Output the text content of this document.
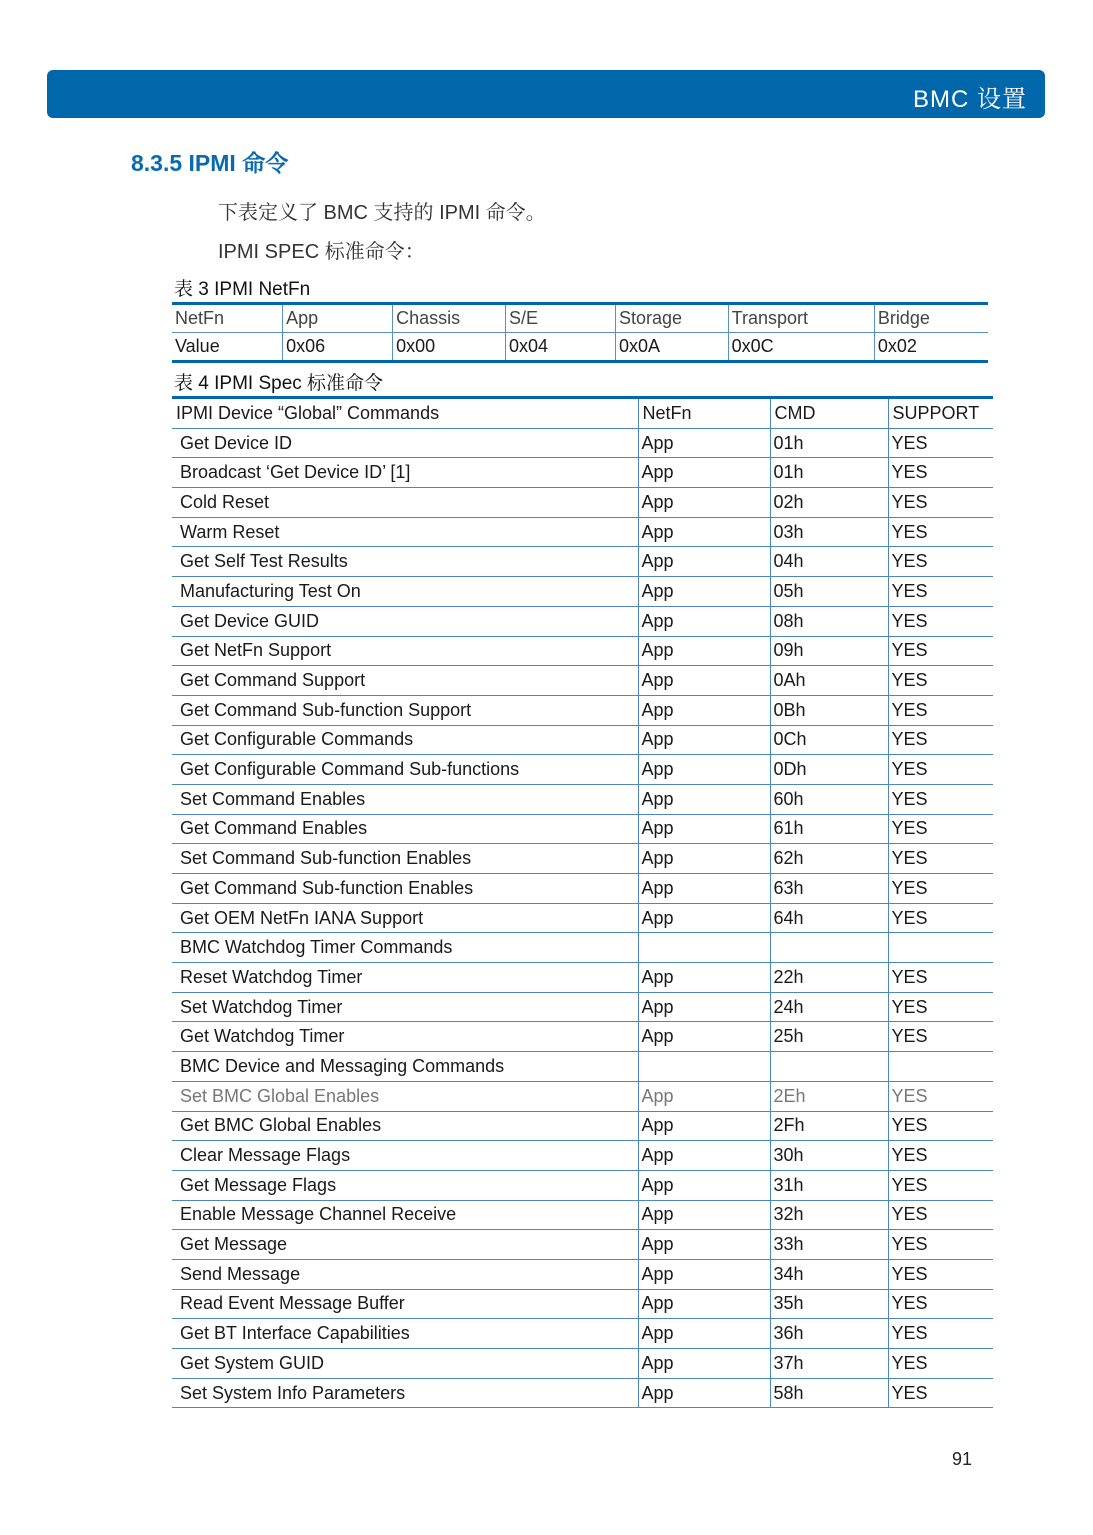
BMC 设置
8.3.5 IPMI 命令
下表定义了 BMC 支持的 IPMI 命令。
IPMI SPEC 标准命令：
表 3 IPMI NetFn
NetFn	App	Chassis	S/E	Storage	Transport	Bridge
Value	0x06	0x00	0x04	0x0A	0x0C	0x02
表 4 IPMI Spec 标准命令
IPMI Device “Global” Commands	NetFn	CMD	SUPPORT
Get Device ID	App	01h	YES
Broadcast ‘Get Device ID’ [1]	App	01h	YES
Cold Reset	App	02h	YES
Warm Reset	App	03h	YES
Get Self Test Results	App	04h	YES
Manufacturing Test On	App	05h	YES
Get Device GUID	App	08h	YES
Get NetFn Support	App	09h	YES
Get Command Support	App	0Ah	YES
Get Command Sub-function Support	App	0Bh	YES
Get Configurable Commands	App	0Ch	YES
Get Configurable Command Sub-functions	App	0Dh	YES
Set Command Enables	App	60h	YES
Get Command Enables	App	61h	YES
Set Command Sub-function Enables	App	62h	YES
Get Command Sub-function Enables	App	63h	YES
Get OEM NetFn IANA Support	App	64h	YES
BMC Watchdog Timer Commands			
Reset Watchdog Timer	App	22h	YES
Set Watchdog Timer	App	24h	YES
Get Watchdog Timer	App	25h	YES
BMC Device and Messaging Commands			
Set BMC Global Enables	App	2Eh	YES
Get BMC Global Enables	App	2Fh	YES
Clear Message Flags	App	30h	YES
Get Message Flags	App	31h	YES
Enable Message Channel Receive	App	32h	YES
Get Message	App	33h	YES
Send Message	App	34h	YES
Read Event Message Buffer	App	35h	YES
Get BT Interface Capabilities	App	36h	YES
Get System GUID	App	37h	YES
Set System Info Parameters	App	58h	YES
91
